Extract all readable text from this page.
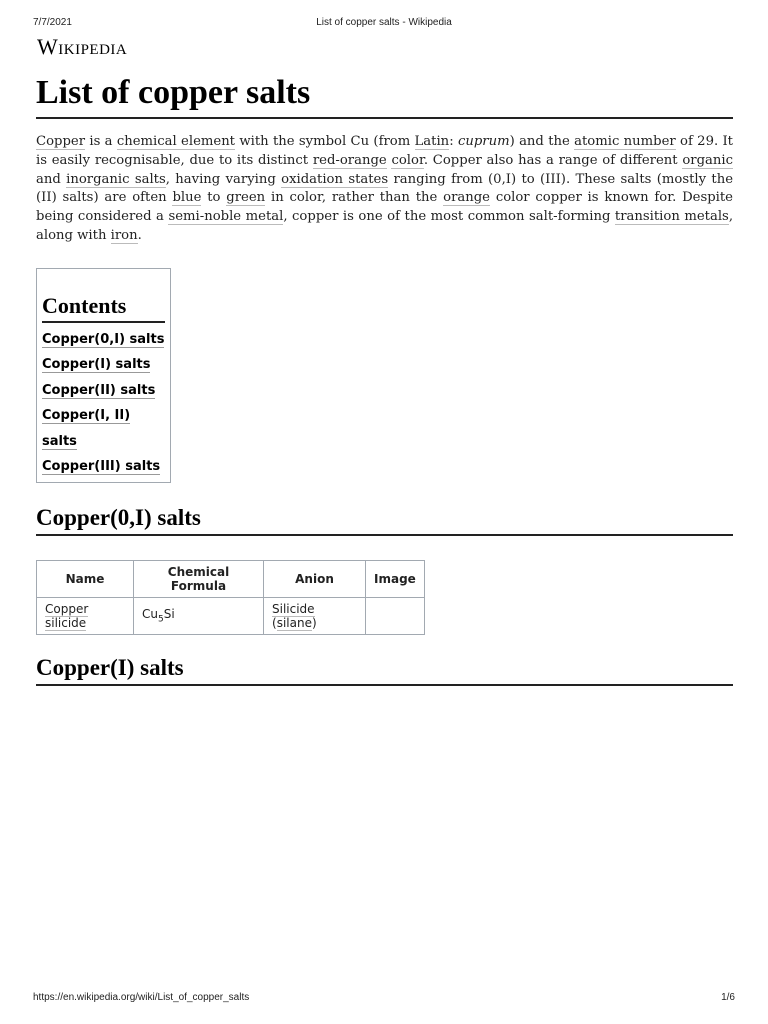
7/7/2021	List of copper salts - Wikipedia
Wikipedia
List of copper salts

Copper is a chemical element with the symbol Cu (from Latin: cuprum) and the atomic number of 29. It is easily recognisable, due to its distinct red-orange color. Copper also has a range of different organic and inorganic salts, having varying oxidation states ranging from (0,I) to (III). These salts (mostly the (II) salts) are often blue to green in color, rather than the orange color copper is known for. Despite being considered a semi-noble metal, copper is one of the most common salt-forming transition metals, along with iron.

Contents
Copper(0,I) salts
Copper(I) salts
Copper(II) salts
Copper(I, II) salts
Copper(III) salts
Copper(0,I) salts
Name	Chemical Formula	Anion	Image
Copper silicide	$Cu_5Si$	Silicide (silane)	
Copper(I) salts
https://en.wikipedia.org/wiki/List_of_copper_salts	1/6
